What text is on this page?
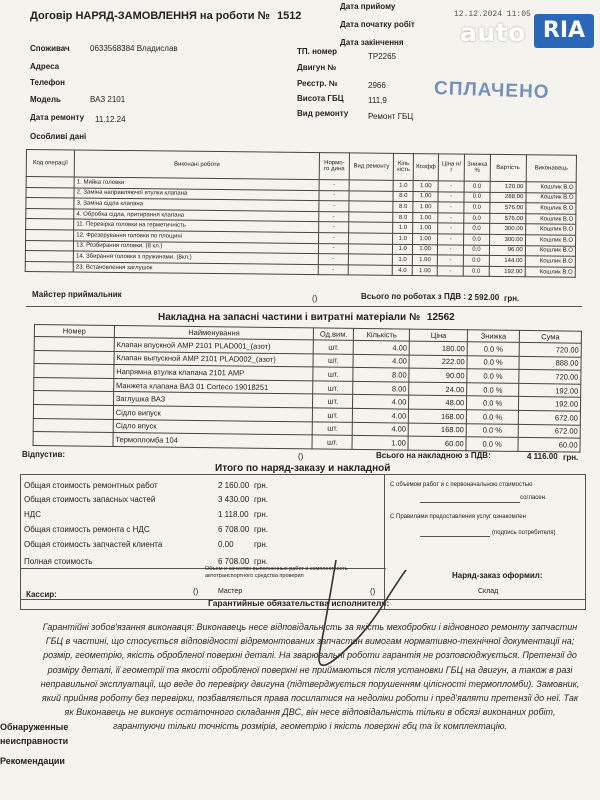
auto RIA
Договір НАРЯД-ЗАМОВЛЕННЯ на роботи № 1512
Дата прийому
12.12.2024 11:05
Дата початку робіт
Дата закінчення
Споживач	0633568384 Владислав
Адреса
Телефон
Модель	ВАЗ 2101
Дата ремонту 11.12.24
Особливі дані
ТП. номер
ТР2265
Двигун №
Реєстр. №	2966
Висота ГБЦ	111,9
Вид ремонту Ремонт ГБЦ
СПЛАЧЕНО
Код операції	Виконані роботи	Нормо-го дина	Вид ремонту	Кіль кість	Коэфф	Ціна н/г	Знижка %	Вартість	Виконавець
	1. Мийка головки	-		1.0	1.00	-	0.0	120.00	Кошлик В.О
	2. Заміна направляючої втулки клапана	-		8.0	1.00	-	0.0	288.00	Кошлик В.О
	3. Заміна сідла клапана	-		8.0	1.00	-	0.0	576.00	Кошлик В.О
	4. Обробка сідла, притирання клапана	-		8.0	1.00	-	0.0	576.00	Кошлик В.О
	11. Перевірка головки на герметичність	-		1.0	1.00	-	0.0	300.00	Кошлик В.О
	12. Фрезерування головки по площині	-		1.0	1.00	-	0.0	300.00	Кошлик В.О
	13. Розбирання головки. (8 кл.)	-		1.0	1.00	-	0.0	96.00	Кошлик В.О
	14. Збирання головки з пружинами. (8кл.)	-		1.0	1.00	-	0.0	144.00	Кошлик В.О
	23. Встановлення заглушок	-		4.0	1.00	-	0.0	192.00	Кошлик В.О
Майстер приймальник	()	Всього по роботах з ПДВ : 2 592.00 грн.
Накладна на запасні частини і витратні матеріали № 12562
Номер	Найменування	Од.вим.	Кількість	Ціна	Знижка	Сума
	Клапан впускной АМР 2101 PLAD001_(азот)	шт.	4.00	180.00	0.0 %	720.00
	Клапан выпускной АМР 2101 PLAD002_(азот)	шт.	4.00	222.00	0.0 %	888.00
	Напрямна втулка клапана 2101 AMP	шт.	8.00	90.00	0.0 %	720.00
	Манжета клапана ВАЗ 01 Corteco 19018251	шт.	8.00	24.00	0.0 %	192.00
	Заглушка ВАЗ	шт.	4.00	48.00	0.0 %	192.00
	Сідло випуск	шт.	4.00	168.00	0.0 %	672.00
	Сідло впуск	шт.	4.00	168.00	0.0 %	672.00
	Термопломба 104	шт.	1.00	60.00	0.0 %	60.00
Відпустив:	()	Всього на накладною з ПДВ:	4 116.00 грн.
Итого по наряд-заказу и накладной
Общая стоимость ремонтных работ	2 160.00 грн.
Общая стоимость запасных частей	3 430.00 грн.
НДС	1 118.00 грн.
Общая стоимость ремонта с НДС	6 708.00 грн.
Общая стоимость запчастей клиента	0.00	грн.
Полная стоимость	6 708.00 грн.
С объемом работ и с первоначальною стоимостью
согласен.
С Правилами предоставления услуг ознакомлен
(подпись потребителя)
Объем и качество выполненных работ и комплектность
автотранспортного средства проверил	Наряд-заказ оформил:
Кассир:	()	Мастер	()	Склад
Гарантийные обязательства исполнителя:
Гарантійні зобов'язання виконавця: Виконавець несе відповідальність за якість мехобробки і відновного ремонту запчастин ГБЦ в частині, що стосується відповідності відремонтованих запчастин вимогам нормативно-технічної документації на; розмір, геометрію, якість обробленої поверхні деталі. На зварювальні роботи гарантія не розповсюджується. Претензії до розміру деталі, її геометрії та якості обробленої поверхні не приймаються після установки ГБЦ на двигун, а також в разі неправильної эксплуатації, що веде до перевірку двигуна (підтверджується порушенням цілісності термопломби). Замовник, який прийняв роботу без перевірки, позбавляється права посилатися на недоліки роботи і пред'являти претензії до неї. Так як Виконавець не виконує остаточного складання ДВС, він несе відповідальність тільки в обсязі виконаних робіт, гарантуючи тільки точність розмірів, геометрію і якість поверхні гбц та їх комплектацію.
Обнаруженные неисправности
Рекомендации
